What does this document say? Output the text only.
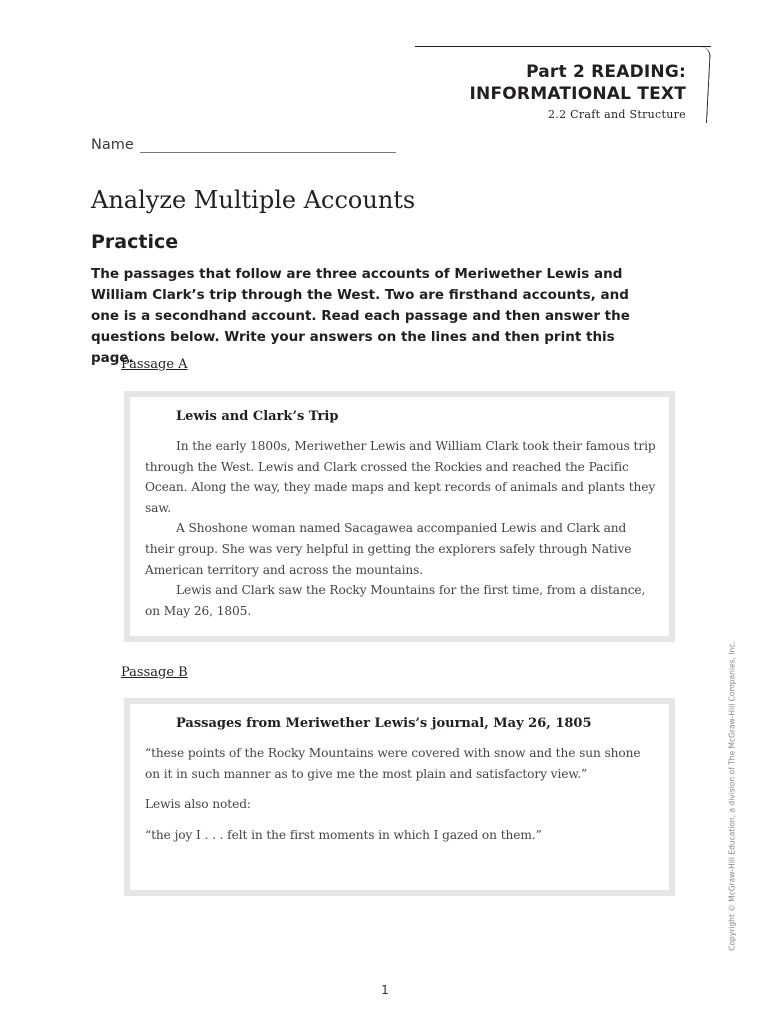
Part 2 READING:
INFORMATIONAL TEXT
2.2 Craft and Structure
Name
Analyze Multiple Accounts
Practice

The passages that follow are three accounts of Meriwether Lewis and William Clark’s trip through the West. Two are firsthand accounts, and one is a secondhand account. Read each passage and then answer the questions below. Write your answers on the lines and then print this page.

Passage A
Lewis and Clark’s Trip

In the early 1800s, Meriwether Lewis and William Clark took their famous trip through the West. Lewis and Clark crossed the Rockies and reached the Pacific Ocean. Along the way, they made maps and kept records of animals and plants they saw.

A Shoshone woman named Sacagawea accompanied Lewis and Clark and their group. She was very helpful in getting the explorers safely through Native American territory and across the mountains.

Lewis and Clark saw the Rocky Mountains for the first time, from a distance, on May 26, 1805.

Passage B
Passages from Meriwether Lewis’s journal, May 26, 1805

“these points of the Rocky Mountains were covered with snow and the sun shone on it in such manner as to give me the most plain and satisfactory view.”

Lewis also noted:

“the joy I . . . felt in the first moments in which I gazed on them.”	Copyright © McGraw-Hill Education, a division of The McGraw-Hill Companies, Inc.
1
